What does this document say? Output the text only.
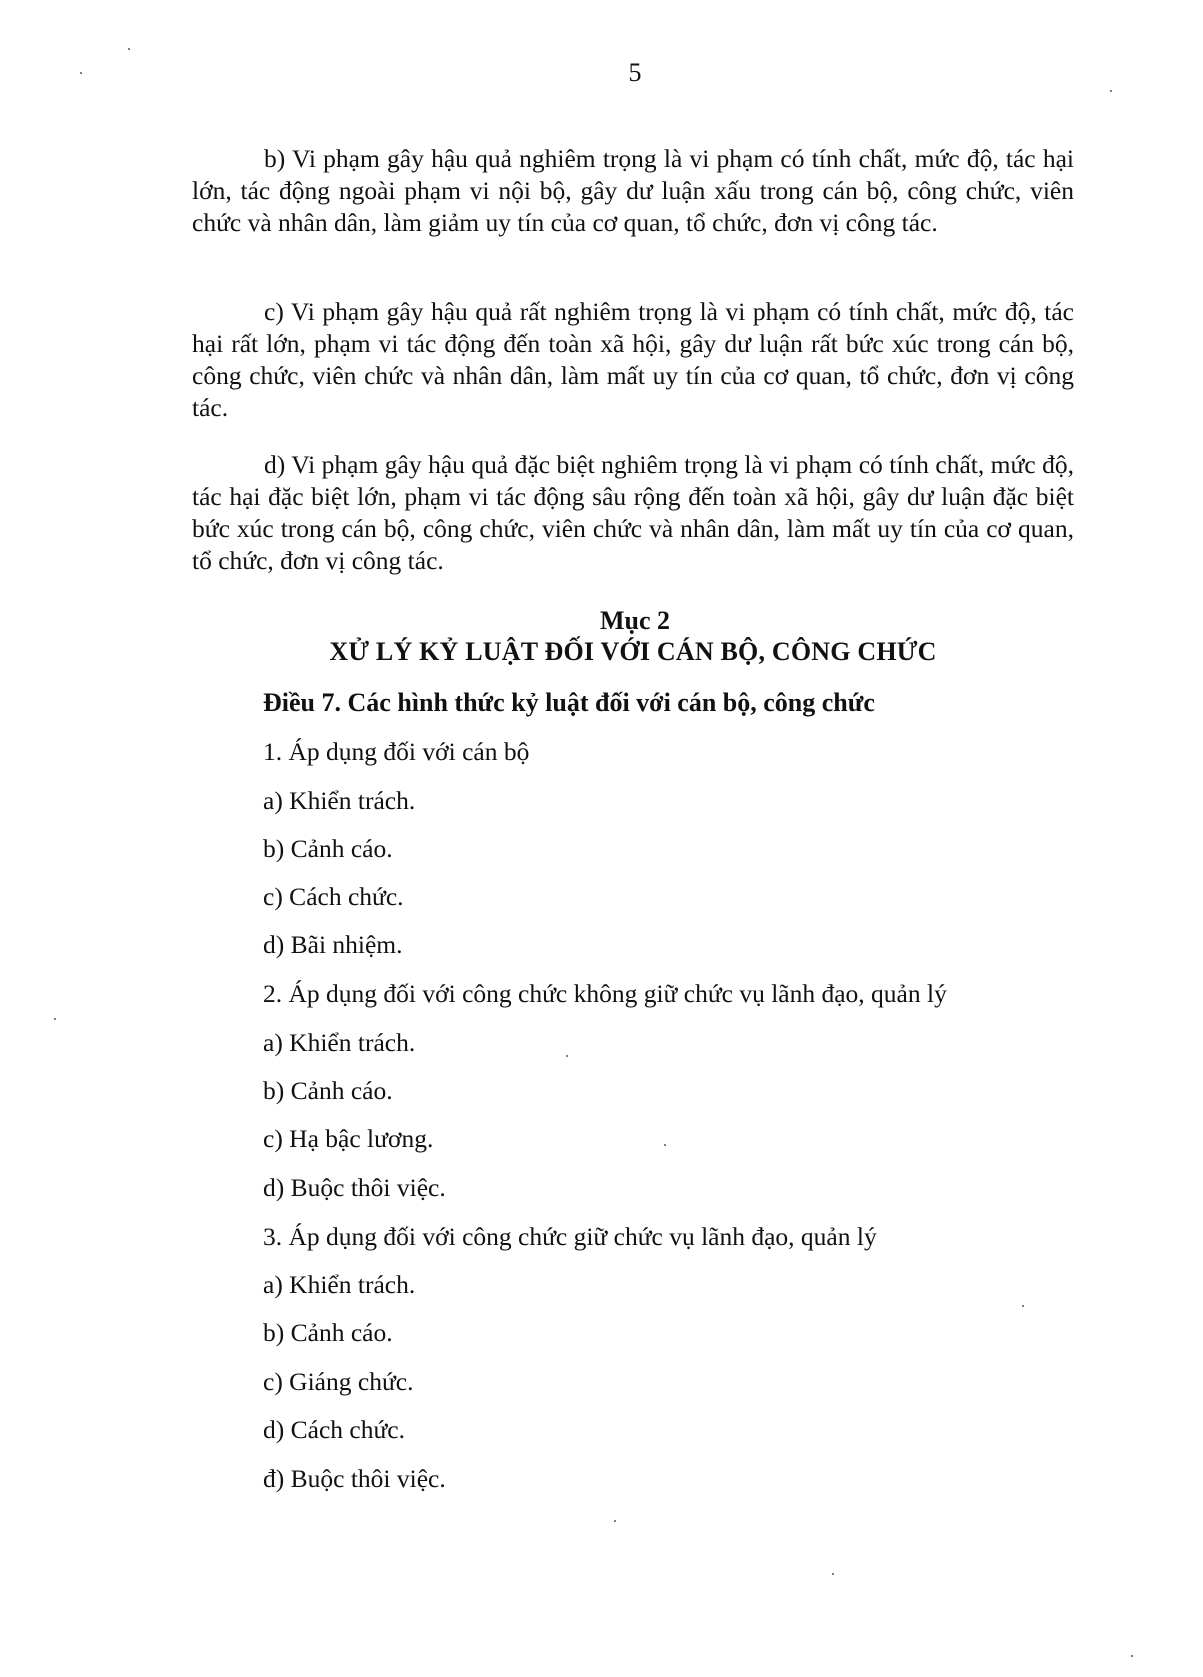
5
b) Vi phạm gây hậu quả nghiêm trọng là vi phạm có tính chất, mức độ, tác hại lớn, tác động ngoài phạm vi nội bộ, gây dư luận xấu trong cán bộ, công chức, viên chức và nhân dân, làm giảm uy tín của cơ quan, tổ chức, đơn vị công tác.
c) Vi phạm gây hậu quả rất nghiêm trọng là vi phạm có tính chất, mức độ, tác hại rất lớn, phạm vi tác động đến toàn xã hội, gây dư luận rất bức xúc trong cán bộ, công chức, viên chức và nhân dân, làm mất uy tín của cơ quan, tổ chức, đơn vị công tác.
d) Vi phạm gây hậu quả đặc biệt nghiêm trọng là vi phạm có tính chất, mức độ, tác hại đặc biệt lớn, phạm vi tác động sâu rộng đến toàn xã hội, gây dư luận đặc biệt bức xúc trong cán bộ, công chức, viên chức và nhân dân, làm mất uy tín của cơ quan, tổ chức, đơn vị công tác.
Mục 2
XỬ LÝ KỶ LUẬT ĐỐI VỚI CÁN BỘ, CÔNG CHỨC
Điều 7. Các hình thức kỷ luật đối với cán bộ, công chức
1. Áp dụng đối với cán bộ
a) Khiển trách.
b) Cảnh cáo.
c) Cách chức.
d) Bãi nhiệm.
2. Áp dụng đối với công chức không giữ chức vụ lãnh đạo, quản lý
a) Khiển trách.
b) Cảnh cáo.
c) Hạ bậc lương.
d) Buộc thôi việc.
3. Áp dụng đối với công chức giữ chức vụ lãnh đạo, quản lý
a) Khiển trách.
b) Cảnh cáo.
c) Giáng chức.
d) Cách chức.
đ) Buộc thôi việc.
